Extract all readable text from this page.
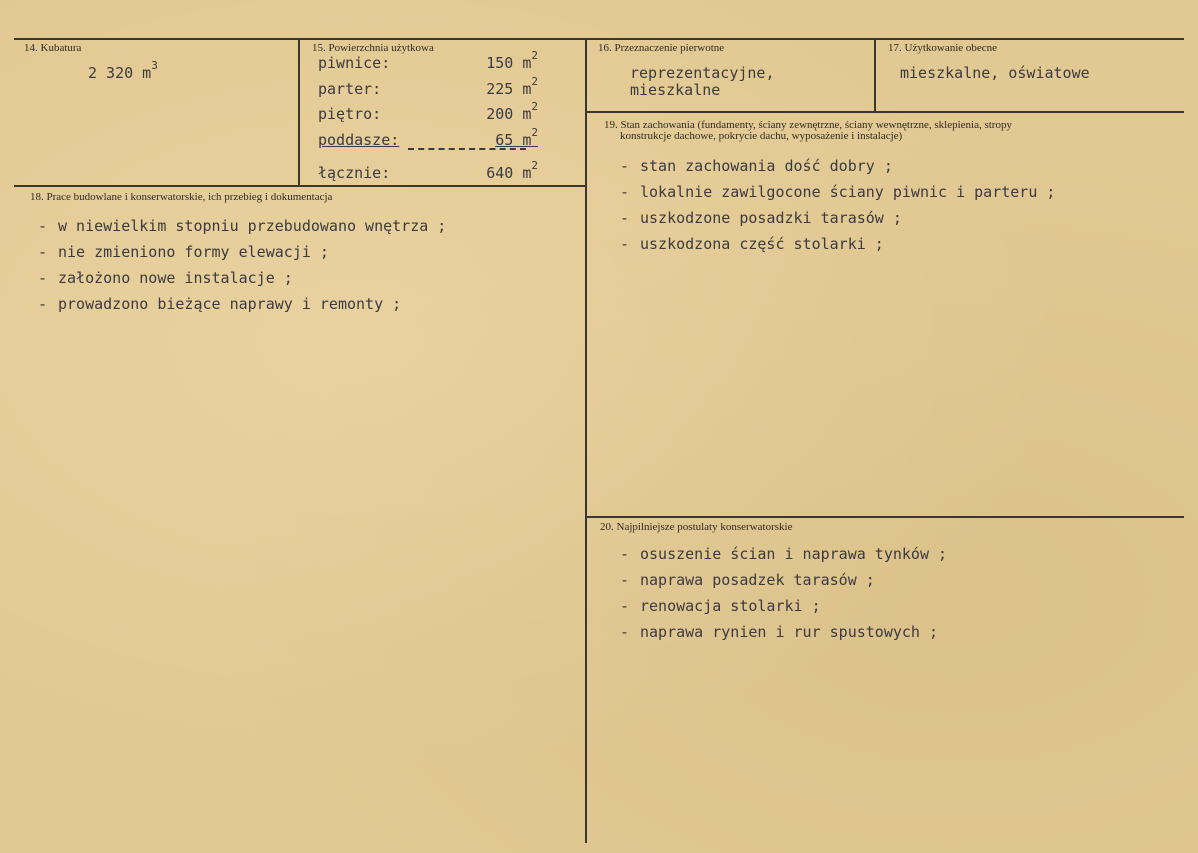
14. Kubatura
2 320 $m^3$
15. Powierzchnia użytkowa
piwnice:	150 $m^2$
parter:	225 $m^2$
piętro:	200 $m^2$
poddasze:	65 $m^2$
łącznie:	640 $m^2$
16. Przeznaczenie pierwotne
reprezentacyjne,
mieszkalne
17. Użytkowanie obecne
mieszkalne, oświatowe
18. Prace budowlane i konserwatorskie, ich przebieg i dokumentacja
- w niewielkim stopniu przebudowano wnętrza ;
- nie zmieniono formy elewacji ;
- założono nowe instalacje ;
- prowadzono bieżące naprawy i remonty ;
19. Stan zachowania (fundamenty, ściany zewnętrzne, ściany wewnętrzne, sklepienia, stropy
konstrukcje dachowe, pokrycie dachu, wyposażenie i instalacje)
- stan zachowania dość dobry ;
- lokalnie zawilgocone ściany piwnic i parteru ;
- uszkodzone posadzki tarasów ;
- uszkodzona część stolarki ;
20. Najpilniejsze postulaty konserwatorskie
- osuszenie ścian i naprawa tynków ;
- naprawa posadzek tarasów ;
- renowacja stolarki ;
- naprawa rynien i rur spustowych ;
